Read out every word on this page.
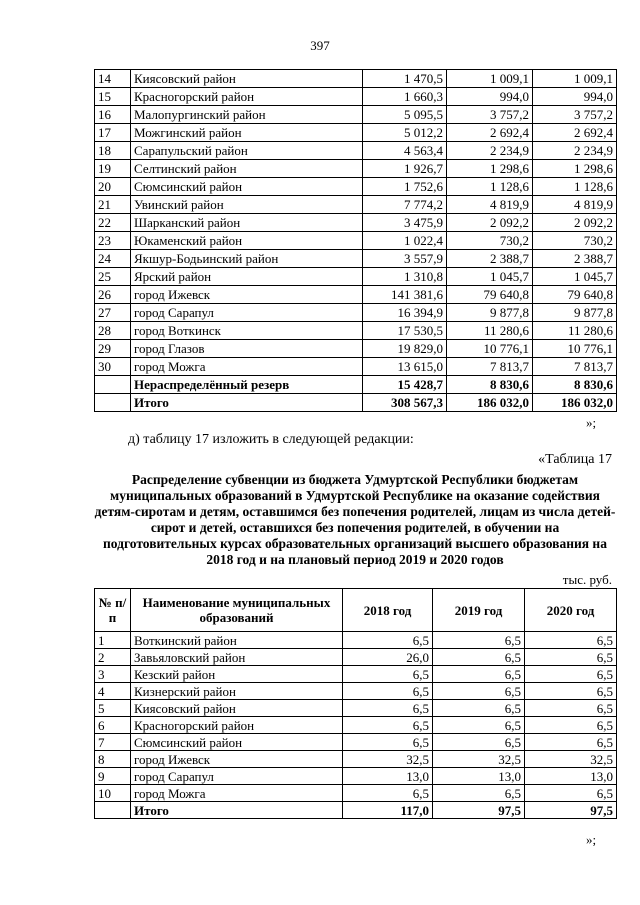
397
14	Киясовский район	1 470,5	1 009,1	1 009,1
15	Красногорский район	1 660,3	994,0	994,0
16	Малопургинский район	5 095,5	3 757,2	3 757,2
17	Можгинский район	5 012,2	2 692,4	2 692,4
18	Сарапульский район	4 563,4	2 234,9	2 234,9
19	Селтинский район	1 926,7	1 298,6	1 298,6
20	Сюмсинский район	1 752,6	1 128,6	1 128,6
21	Увинский район	7 774,2	4 819,9	4 819,9
22	Шарканский район	3 475,9	2 092,2	2 092,2
23	Юкаменский район	1 022,4	730,2	730,2
24	Якшур-Бодьинский район	3 557,9	2 388,7	2 388,7
25	Ярский район	1 310,8	1 045,7	1 045,7
26	город Ижевск	141 381,6	79 640,8	79 640,8
27	город Сарапул	16 394,9	9 877,8	9 877,8
28	город Воткинск	17 530,5	11 280,6	11 280,6
29	город Глазов	19 829,0	10 776,1	10 776,1
30	город Можга	13 615,0	7 813,7	7 813,7
	Нераспределённый резерв	15 428,7	8 830,6	8 830,6
	Итого	308 567,3	186 032,0	186 032,0
»;
д) таблицу 17 изложить в следующей редакции:
«Таблица 17
Распределение субвенции из бюджета Удмуртской Республики бюджетам муниципальных образований в Удмуртской Республике на оказание содействия детям-сиротам и детям, оставшимся без попечения родителей, лицам из числа детей-сирот и детей, оставшихся без попечения родителей, в обучении на подготовительных курсах образовательных организаций высшего образования на 2018 год и на плановый период 2019 и 2020 годов
тыс. руб.
№ п/п	Наименование муниципальных образований	2018 год	2019 год	2020 год
1	Воткинский район	6,5	6,5	6,5
2	Завьяловский район	26,0	6,5	6,5
3	Кезский район	6,5	6,5	6,5
4	Кизнерский район	6,5	6,5	6,5
5	Киясовский район	6,5	6,5	6,5
6	Красногорский район	6,5	6,5	6,5
7	Сюмсинский район	6,5	6,5	6,5
8	город Ижевск	32,5	32,5	32,5
9	город Сарапул	13,0	13,0	13,0
10	город Можга	6,5	6,5	6,5
	Итого	117,0	97,5	97,5
»;
